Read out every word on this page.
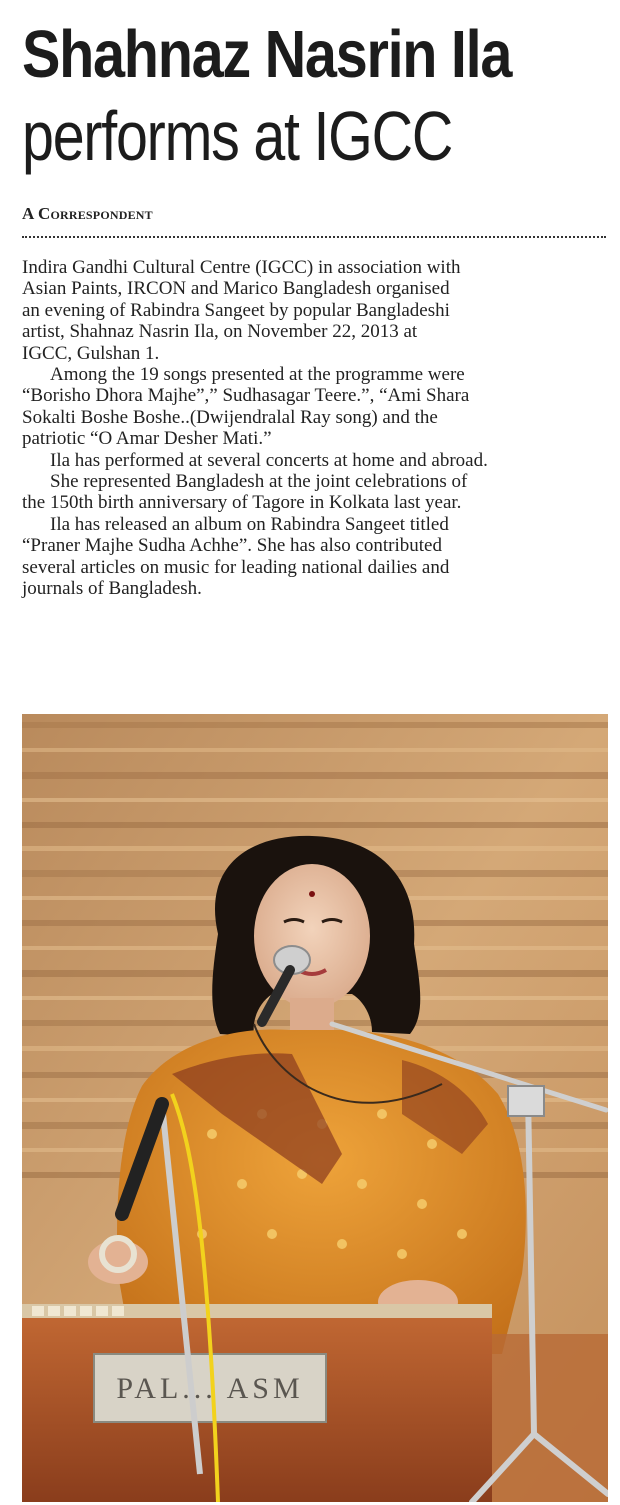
Shahnaz Nasrin Ila
performs at IGCC
A Correspondent

Indira Gandhi Cultural Centre (IGCC) in association with
Asian Paints, IRCON and Marico Bangladesh organised
an evening of Rabindra Sangeet by popular Bangladeshi
artist, Shahnaz Nasrin Ila, on November 22, 2013 at
IGCC, Gulshan 1.

Among the 19 songs presented at the programme were
“Borisho Dhora Majhe”,” Sudhasagar Teere.”, “Ami Shara
Sokalti Boshe Boshe..(Dwijendralal Ray song) and the
patriotic “O Amar Desher Mati.”

Ila has performed at several concerts at home and abroad.

She represented Bangladesh at the joint celebrations of
the 150th birth anniversary of Tagore in Kolkata last year.

Ila has released an album on Rabindra Sangeet titled
“Praner Majhe Sudha Achhe”. She has also contributed
several articles on music for leading national dailies and
journals of Bangladesh.

PAL... ASM
